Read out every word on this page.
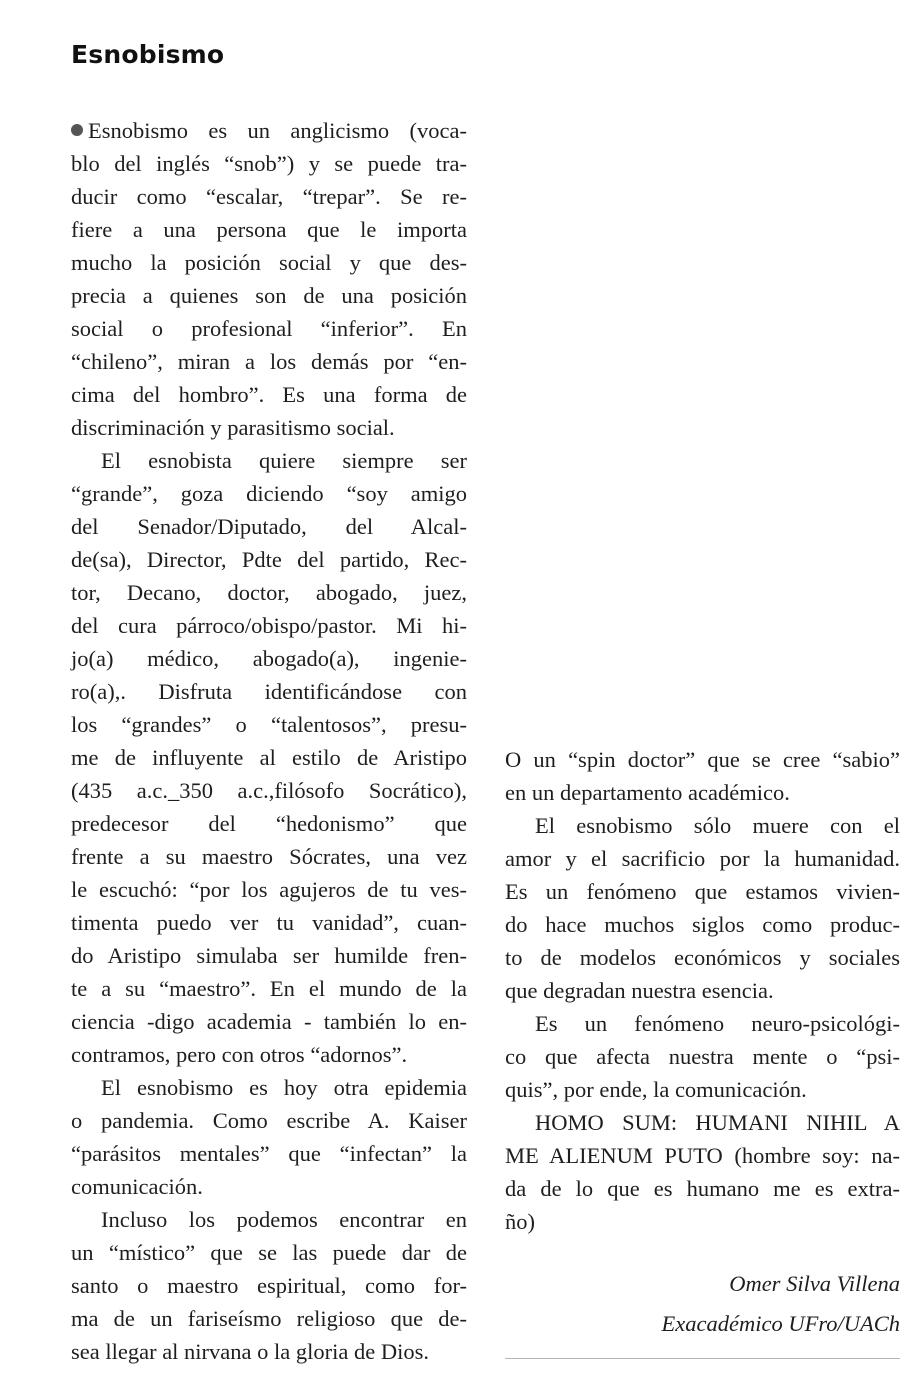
Esnobismo
Esnobismo es un anglicismo (voca-
blo del inglés “snob”) y se puede tra-
ducir como “escalar, “trepar”. Se re-
fiere a una persona que le importa
mucho la posición social y que des-
precia a quienes son de una posición
social o profesional “inferior”. En
“chileno”, miran a los demás por “en-
cima del hombro”. Es una forma de
discriminación y parasitismo social.
El esnobista quiere siempre ser
“grande”, goza diciendo “soy amigo
del Senador/Diputado, del Alcal-
de(sa), Director, Pdte del partido, Rec-
tor, Decano, doctor, abogado, juez,
del cura párroco/obispo/pastor. Mi hi-
jo(a) médico, abogado(a), ingenie-
ro(a),. Disfruta identificándose con
los “grandes” o “talentosos”, presu-
me de influyente al estilo de Aristipo
(435 a.c._350 a.c.,filósofo Socrático),
predecesor del “hedonismo” que
frente a su maestro Sócrates, una vez
le escuchó: “por los agujeros de tu ves-
timenta puedo ver tu vanidad”, cuan-
do Aristipo simulaba ser humilde fren-
te a su “maestro”. En el mundo de la
ciencia -digo academia - también lo en-
contramos, pero con otros “adornos”.
El esnobismo es hoy otra epidemia
o pandemia. Como escribe A. Kaiser
“parásitos mentales” que “infectan” la
comunicación.
Incluso los podemos encontrar en
un “místico” que se las puede dar de
santo o maestro espiritual, como for-
ma de un fariseísmo religioso que de-
sea llegar al nirvana o la gloria de Dios.
O un “spin doctor” que se cree “sabio”
en un departamento académico.
El esnobismo sólo muere con el
amor y el sacrificio por la humanidad.
Es un fenómeno que estamos vivien-
do hace muchos siglos como produc-
to de modelos económicos y sociales
que degradan nuestra esencia.
Es un fenómeno neuro-psicológi-
co que afecta nuestra mente o “psi-
quis”, por ende, la comunicación.
HOMO SUM: HUMANI NIHIL A
ME ALIENUM PUTO (hombre soy: na-
da de lo que es humano me es extra-
ño)
Omer Silva Villena
Exacadémico UFro/UACh
